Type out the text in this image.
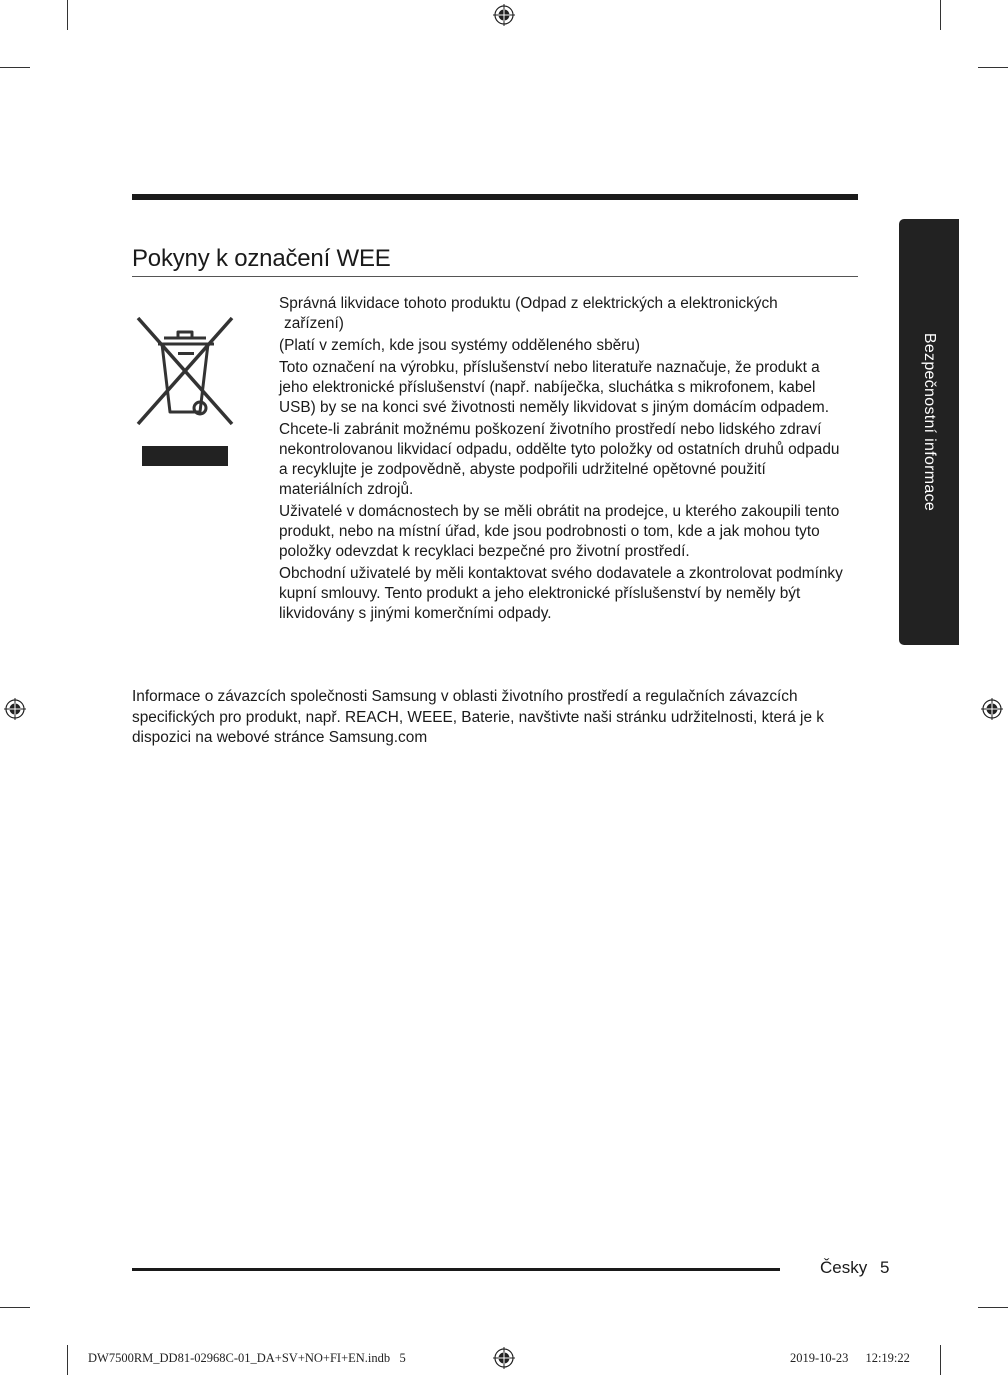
Pokyny k označení WEE

Správná likvidace tohoto produktu (Odpad z elektrických a elektronických
zařízení)

(Platí v zemích, kde jsou systémy odděleného sběru)

Toto označení na výrobku, příslušenství nebo literatuře naznačuje, že produkt a jeho elektronické příslušenství (např. nabíječka, sluchátka s mikrofonem, kabel USB) by se na konci své životnosti neměly likvidovat s jiným domácím odpadem.

Chcete-li zabránit možnému poškození životního prostředí nebo lidského zdraví nekontrolovanou likvidací odpadu, oddělte tyto položky od ostatních druhů odpadu a recyklujte je zodpovědně, abyste podpořili udržitelné opětovné použití materiálních zdrojů.

Uživatelé v domácnostech by se měli obrátit na prodejce, u kterého zakoupili tento produkt, nebo na místní úřad, kde jsou podrobnosti o tom, kde a jak mohou tyto položky odevzdat k recyklaci bezpečné pro životní prostředí.

Obchodní uživatelé by měli kontaktovat svého dodavatele a zkontrolovat podmínky kupní smlouvy. Tento produkt a jeho elektronické příslušenství by neměly být likvidovány s jinými komerčními odpady.

Informace o závazcích společnosti Samsung v oblasti životního prostředí a regulačních závazcích specifických pro produkt, např. REACH, WEEE, Baterie, navštivte naši stránku udržitelnosti, která je k dispozici na webové stránce Samsung.com
Bezpečnostní informace
Česky 5
DW7500RM_DD81-02968C-01_DA+SV+NO+FI+EN.indb   5	2019-10-23 12:19:22
